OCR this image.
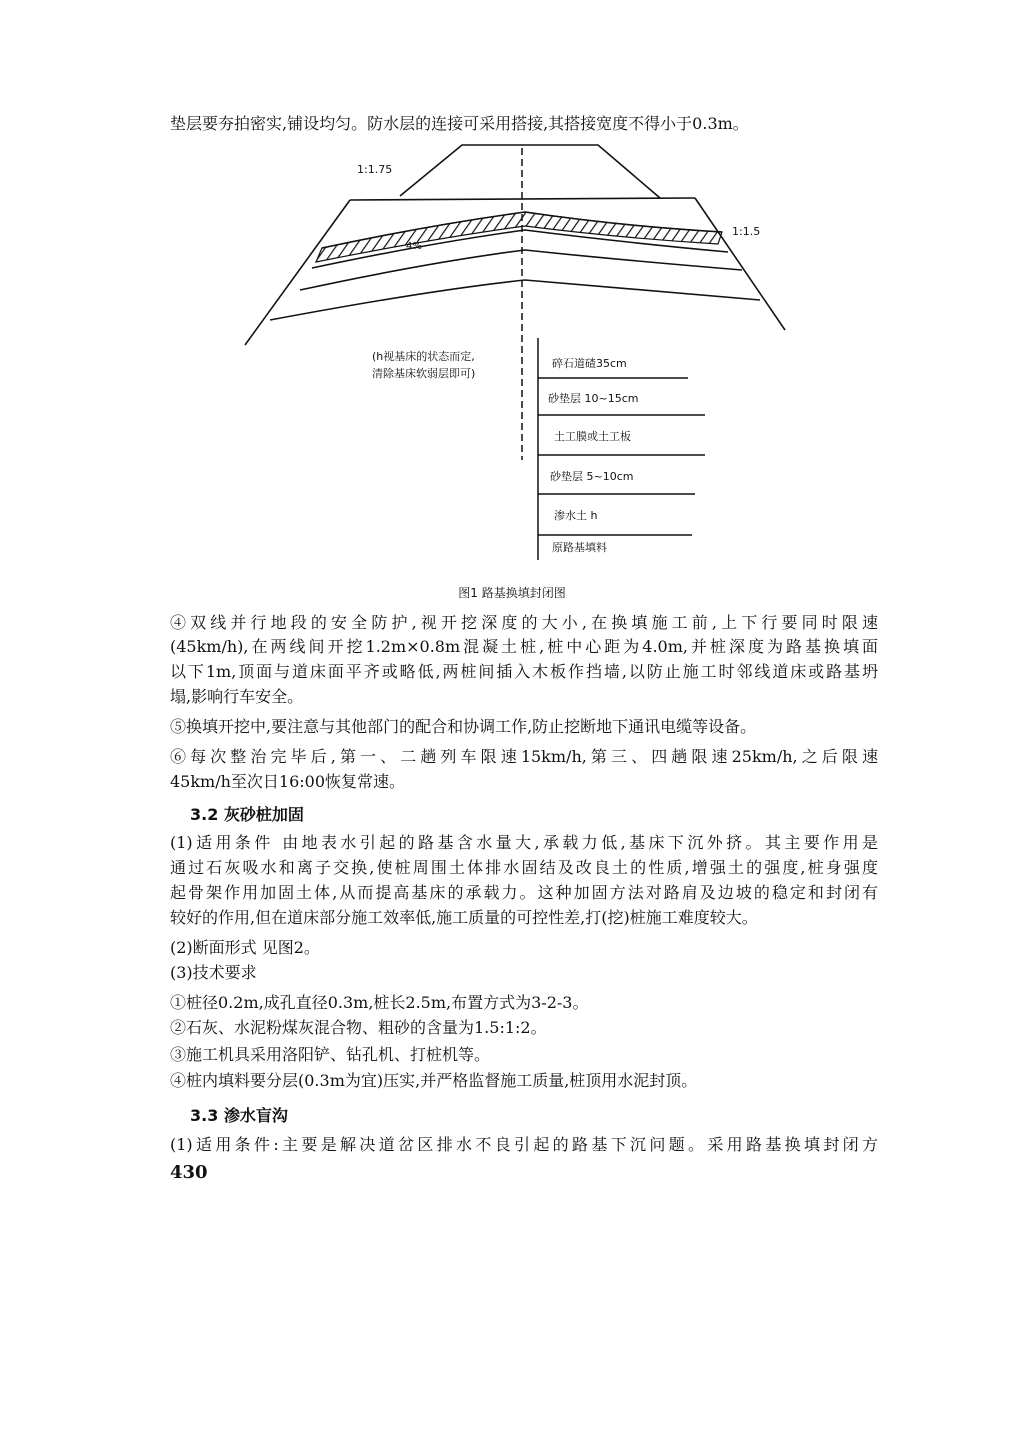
垫层要夯拍密实,铺设均匀。防水层的连接可采用搭接,其搭接宽度不得小于0.3m。

1:1.75
1:1.5
4%
(h视基床的状态而定,
清除基床软弱层即可)
碎石道碴35cm
砂垫层 10~15cm
土工膜或土工板
砂垫层 5~10cm
渗水土 h
原路基填料
图1 路基换填封闭图

④双线并行地段的安全防护,视开挖深度的大小,在换填施工前,上下行要同时限速

(45km/h),在两线间开挖1.2m×0.8m混凝土桩,桩中心距为4.0m,并桩深度为路基换填面

以下1m,顶面与道床面平齐或略低,两桩间插入木板作挡墙,以防止施工时邻线道床或路基坍

塌,影响行车安全。

⑤换填开挖中,要注意与其他部门的配合和协调工作,防止挖断地下通讯电缆等设备。

⑥每次整治完毕后,第一、二趟列车限速15km/h,第三、四趟限速25km/h,之后限速

45km/h至次日16:00恢复常速。

3.2 灰砂桩加固

(1)适用条件 由地表水引起的路基含水量大,承载力低,基床下沉外挤。其主要作用是

通过石灰吸水和离子交换,使桩周围土体排水固结及改良土的性质,增强土的强度,桩身强度

起骨架作用加固土体,从而提高基床的承载力。这种加固方法对路肩及边坡的稳定和封闭有

较好的作用,但在道床部分施工效率低,施工质量的可控性差,打(挖)桩施工难度较大。

(2)断面形式 见图2。

(3)技术要求

①桩径0.2m,成孔直径0.3m,桩长2.5m,布置方式为3-2-3。

②石灰、水泥粉煤灰混合物、粗砂的含量为1.5:1:2。

③施工机具采用洛阳铲、钻孔机、打桩机等。

④桩内填料要分层(0.3m为宜)压实,并严格监督施工质量,桩顶用水泥封顶。

3.3 渗水盲沟

(1)适用条件:主要是解决道岔区排水不良引起的路基下沉问题。采用路基换填封闭方

430
